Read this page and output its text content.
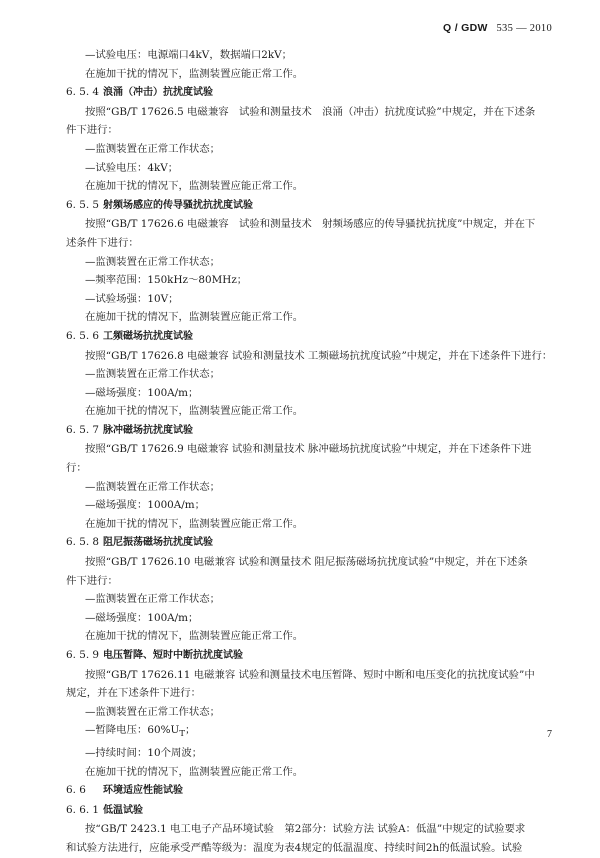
Q / GDW 535 — 2010
—试验电压：电源端口4kV，数据端口2kV；
在施加干扰的情况下，监测装置应能正常工作。
6. 5. 4 浪涌（冲击）抗扰度试验
按照“GB/T 17626.5 电磁兼容　试验和测量技术　浪涌（冲击）抗扰度试验”中规定，并在下述条
件下进行：
—监测装置在正常工作状态；
—试验电压：4kV；
在施加干扰的情况下，监测装置应能正常工作。
6. 5. 5 射频场感应的传导骚扰抗扰度试验
按照“GB/T 17626.6 电磁兼容　试验和测量技术　射频场感应的传导骚扰抗扰度”中规定，并在下
述条件下进行：
—监测装置在正常工作状态；
—频率范围：150kHz～80MHz；
—试验场强：10V；
在施加干扰的情况下，监测装置应能正常工作。
6. 5. 6 工频磁场抗扰度试验
按照“GB/T 17626.8 电磁兼容 试验和测量技术 工频磁场抗扰度试验”中规定，并在下述条件下进行：
—监测装置在正常工作状态；
—磁场强度：100A/m；
在施加干扰的情况下，监测装置应能正常工作。
6. 5. 7 脉冲磁场抗扰度试验
按照“GB/T 17626.9 电磁兼容 试验和测量技术 脉冲磁场抗扰度试验”中规定，并在下述条件下进
行：
—监测装置在正常工作状态；
—磁场强度：1000A/m；
在施加干扰的情况下，监测装置应能正常工作。
6. 5. 8 阻尼振荡磁场抗扰度试验
按照“GB/T 17626.10 电磁兼容 试验和测量技术 阻尼振荡磁场抗扰度试验”中规定，并在下述条
件下进行：
—监测装置在正常工作状态；
—磁场强度：100A/m；
在施加干扰的情况下，监测装置应能正常工作。
6. 5. 9 电压暂降、短时中断抗扰度试验
按照“GB/T 17626.11 电磁兼容 试验和测量技术电压暂降、短时中断和电压变化的抗扰度试验”中
规定，并在下述条件下进行：
—监测装置在正常工作状态；
—暂降电压：$60\%U_T$；
—持续时间：10个周波；
在施加干扰的情况下，监测装置应能正常工作。
6. 6 环境适应性能试验
6. 6. 1 低温试验
按“GB/T 2423.1 电工电子产品环境试验　第2部分：试验方法 试验A：低温”中规定的试验要求
和试验方法进行，应能承受严酷等级为：温度为表4规定的低温温度、持续时间2h的低温试验。试验
7
